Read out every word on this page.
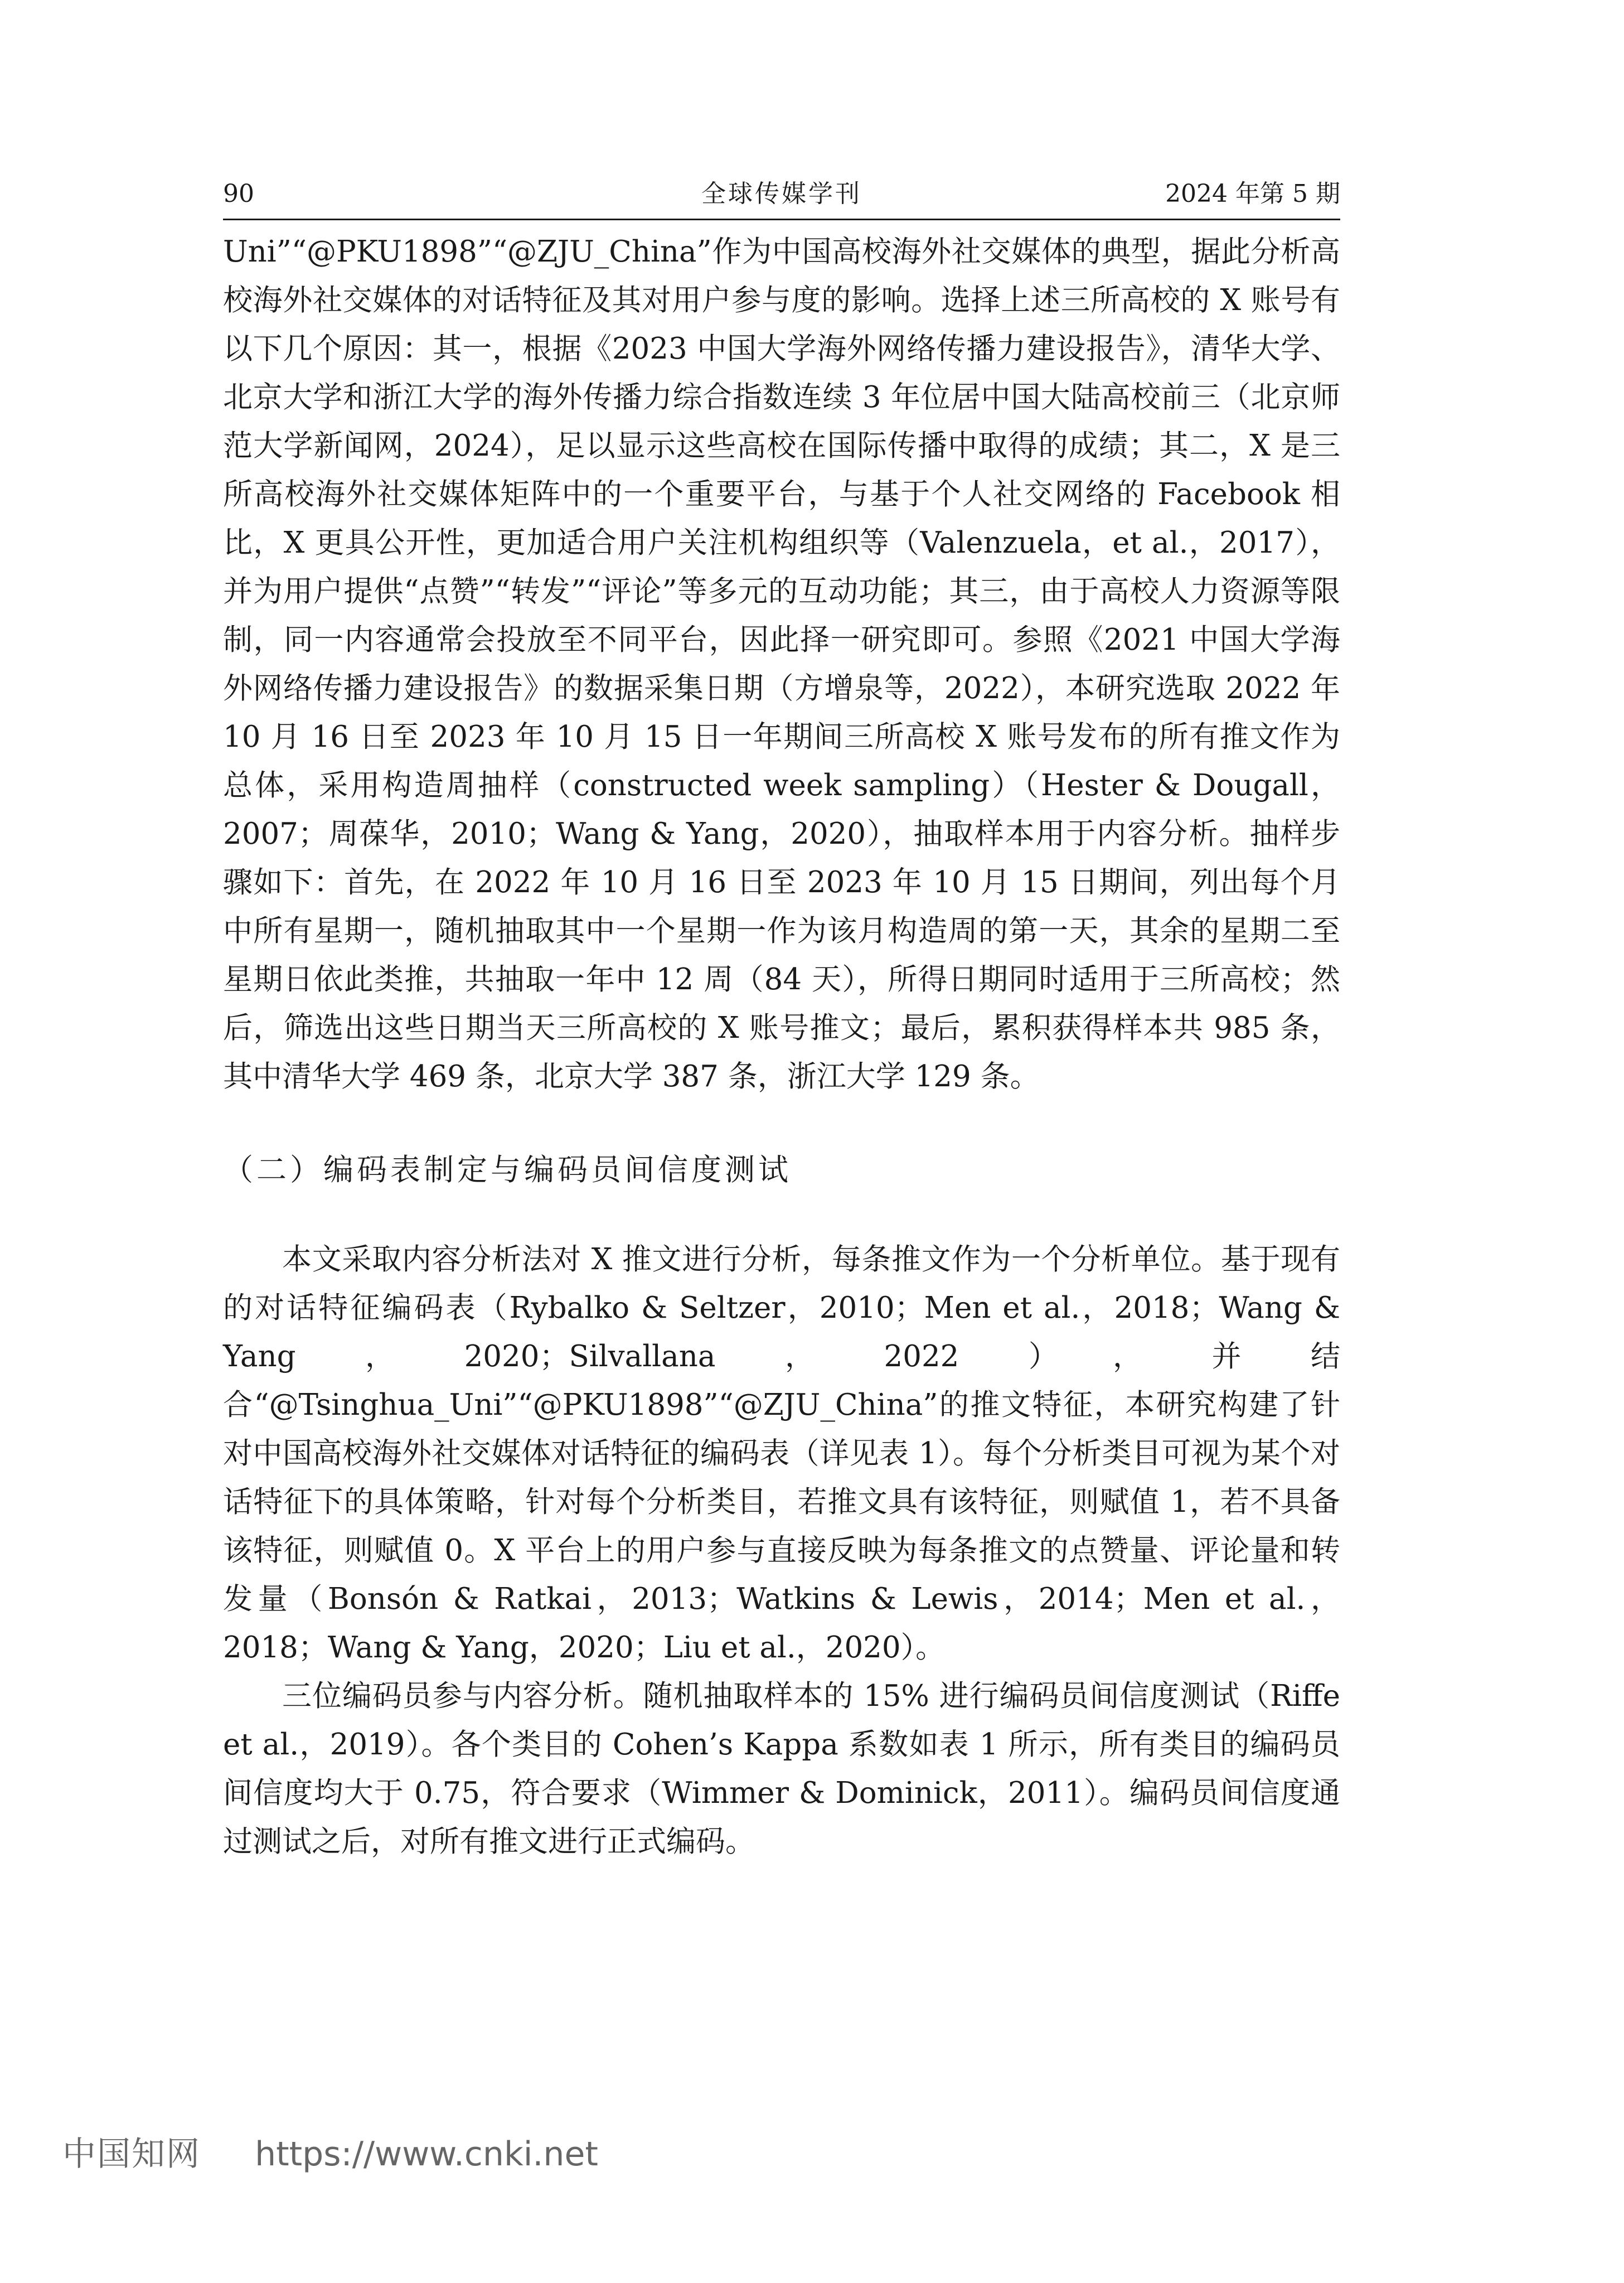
90	全球传媒学刊	2024 年第 5 期

Uni”“@PKU1898”“@ZJU_China”作为中国高校海外社交媒体的典型，据此分析高校海外社交媒体的对话特征及其对用户参与度的影响。选择上述三所高校的 X 账号有以下几个原因：其一，根据《2023 中国大学海外网络传播力建设报告》，清华大学、北京大学和浙江大学的海外传播力综合指数连续 3 年位居中国大陆高校前三（北京师范大学新闻网，2024），足以显示这些高校在国际传播中取得的成绩；其二，X 是三所高校海外社交媒体矩阵中的一个重要平台，与基于个人社交网络的 Facebook 相比，X 更具公开性，更加适合用户关注机构组织等（Valenzuela，et al.，2017），并为用户提供“点赞”“转发”“评论”等多元的互动功能；其三，由于高校人力资源等限制，同一内容通常会投放至不同平台，因此择一研究即可。参照《2021 中国大学海外网络传播力建设报告》的数据采集日期（方增泉等，2022），本研究选取 2022 年 10 月 16 日至 2023 年 10 月 15 日一年期间三所高校 X 账号发布的所有推文作为总体，采用构造周抽样（constructed week sampling）（Hester & Dougall，2007；周葆华，2010；Wang & Yang，2020），抽取样本用于内容分析。抽样步骤如下：首先，在 2022 年 10 月 16 日至 2023 年 10 月 15 日期间，列出每个月中所有星期一，随机抽取其中一个星期一作为该月构造周的第一天，其余的星期二至星期日依此类推，共抽取一年中 12 周（84 天），所得日期同时适用于三所高校；然后，筛选出这些日期当天三所高校的 X 账号推文；最后，累积获得样本共 985 条，其中清华大学 469 条，北京大学 387 条，浙江大学 129 条。

（二）编码表制定与编码员间信度测试

本文采取内容分析法对 X 推文进行分析，每条推文作为一个分析单位。基于现有的对话特征编码表（Rybalko & Seltzer，2010；Men et al.，2018；Wang & Yang，2020；Silvallana，2022），并结合“@Tsinghua_Uni”“@PKU1898”“@ZJU_China”的推文特征，本研究构建了针对中国高校海外社交媒体对话特征的编码表（详见表 1）。每个分析类目可视为某个对话特征下的具体策略，针对每个分析类目，若推文具有该特征，则赋值 1，若不具备该特征，则赋值 0。X 平台上的用户参与直接反映为每条推文的点赞量、评论量和转发量（Bonsón & Ratkai，2013；Watkins & Lewis，2014；Men et al.，2018；Wang & Yang，2020；Liu et al.，2020）。

三位编码员参与内容分析。随机抽取样本的 15% 进行编码员间信度测试（Riffe et al.，2019）。各个类目的 Cohen’s Kappa 系数如表 1 所示，所有类目的编码员间信度均大于 0.75，符合要求（Wimmer & Dominick，2011）。编码员间信度通过测试之后，对所有推文进行正式编码。

中国知网 https://www.cnki.net
